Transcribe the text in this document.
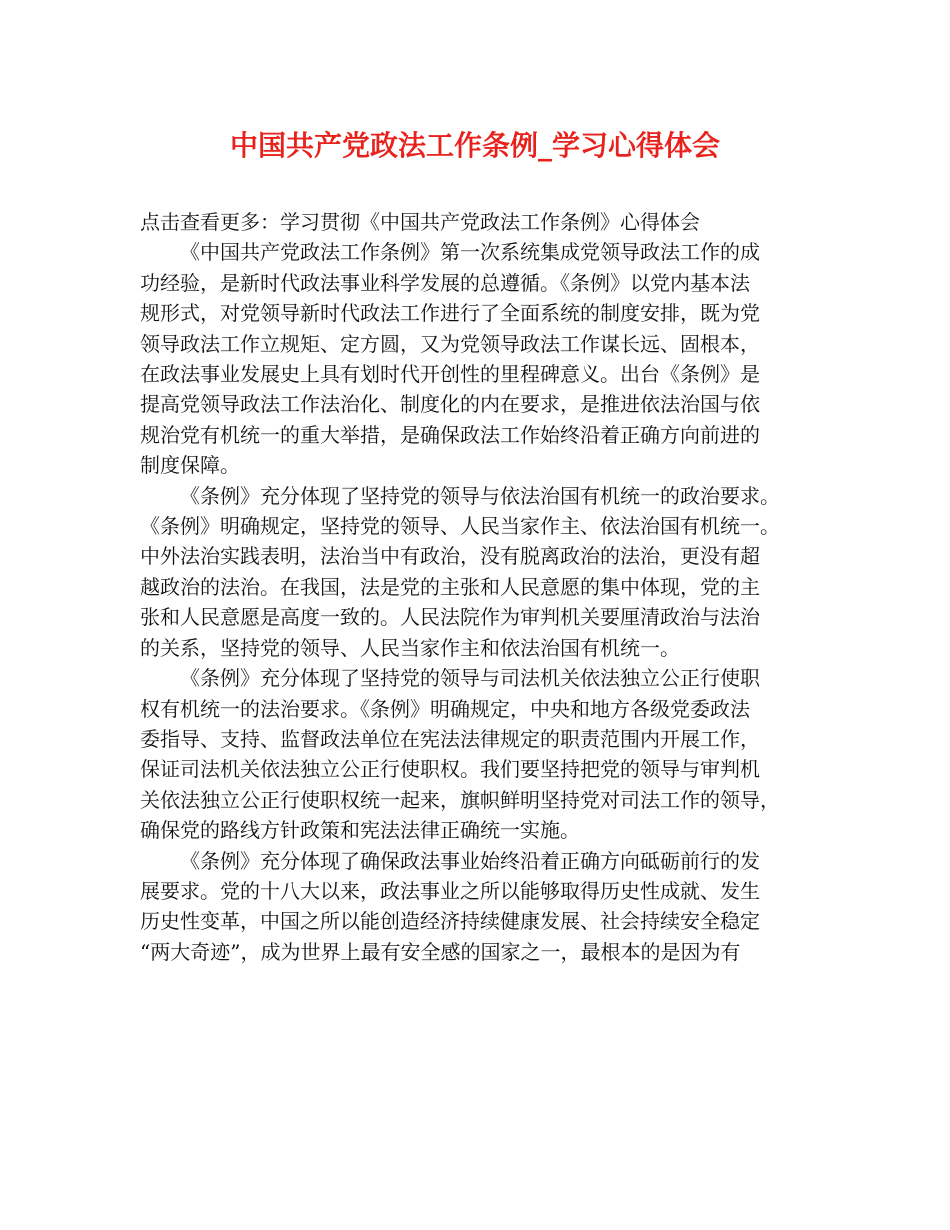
中国共产党政法工作条例_学习心得体会

点击查看更多：学习贯彻《中国共产党政法工作条例》心得体会

《中国共产党政法工作条例》第一次系统集成党领导政法工作的成
功经验，是新时代政法事业科学发展的总遵循。《条例》以党内基本法
规形式，对党领导新时代政法工作进行了全面系统的制度安排，既为党
领导政法工作立规矩、定方圆，又为党领导政法工作谋长远、固根本，
在政法事业发展史上具有划时代开创性的里程碑意义。出台《条例》是
提高党领导政法工作法治化、制度化的内在要求，是推进依法治国与依
规治党有机统一的重大举措，是确保政法工作始终沿着正确方向前进的
制度保障。

《条例》充分体现了坚持党的领导与依法治国有机统一的政治要求。
《条例》明确规定，坚持党的领导、人民当家作主、依法治国有机统一。
中外法治实践表明，法治当中有政治，没有脱离政治的法治，更没有超
越政治的法治。在我国，法是党的主张和人民意愿的集中体现，党的主
张和人民意愿是高度一致的。人民法院作为审判机关要厘清政治与法治
的关系，坚持党的领导、人民当家作主和依法治国有机统一。

《条例》充分体现了坚持党的领导与司法机关依法独立公正行使职
权有机统一的法治要求。《条例》明确规定，中央和地方各级党委政法
委指导、支持、监督政法单位在宪法法律规定的职责范围内开展工作，
保证司法机关依法独立公正行使职权。我们要坚持把党的领导与审判机
关依法独立公正行使职权统一起来，旗帜鲜明坚持党对司法工作的领导，
确保党的路线方针政策和宪法法律正确统一实施。

《条例》充分体现了确保政法事业始终沿着正确方向砥砺前行的发
展要求。党的十八大以来，政法事业之所以能够取得历史性成就、发生
历史性变革，中国之所以能创造经济持续健康发展、社会持续安全稳定
“两大奇迹”，成为世界上最有安全感的国家之一，最根本的是因为有
